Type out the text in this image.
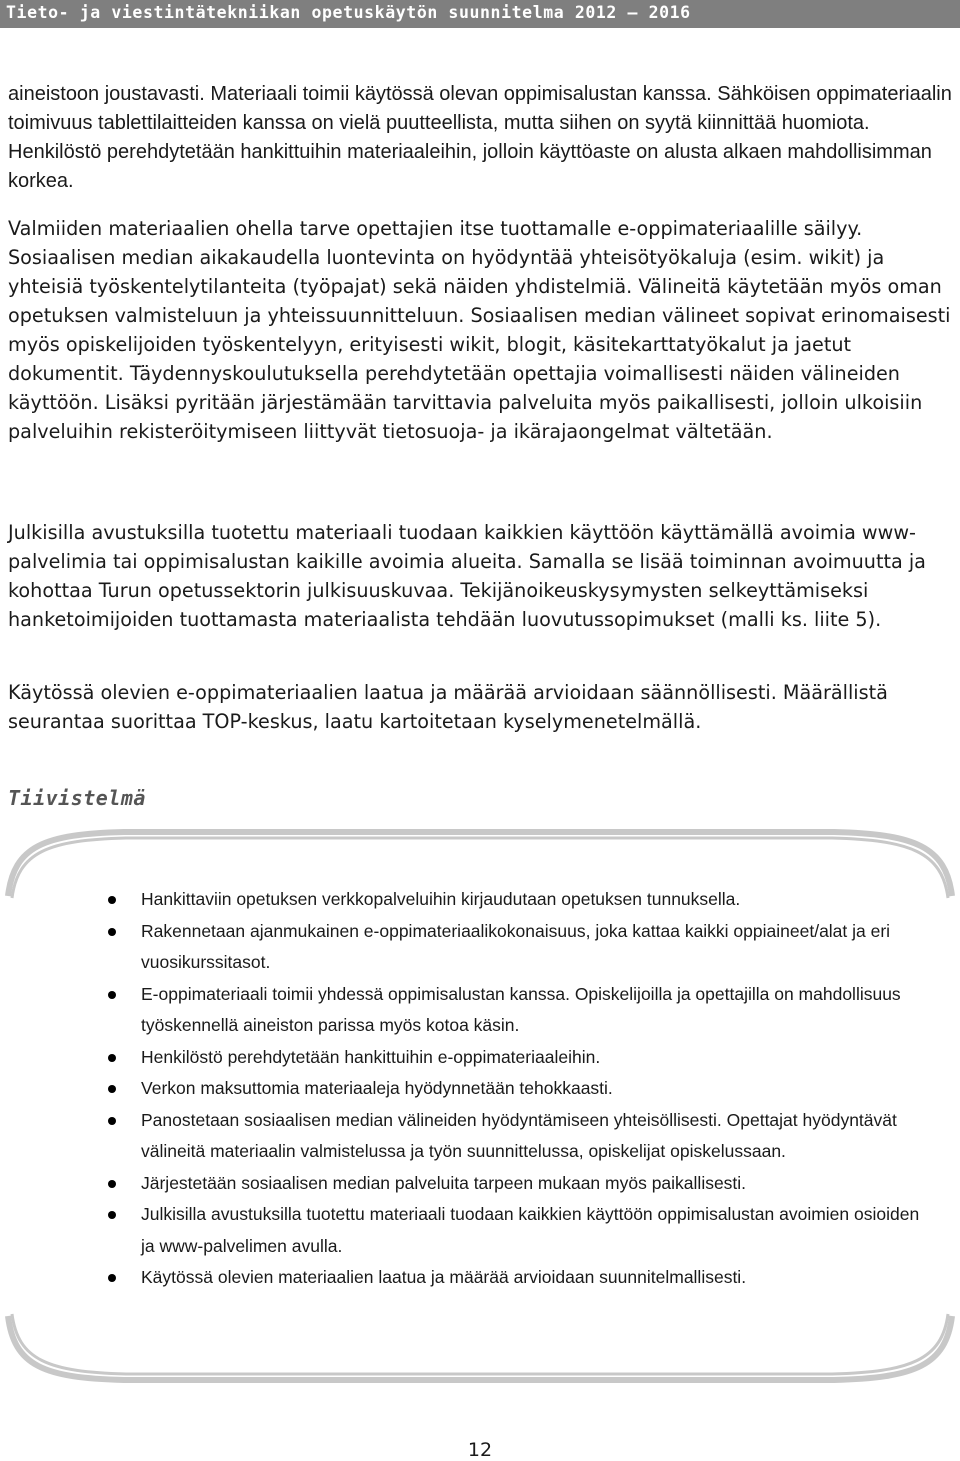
Tieto- ja viestintätekniikan opetuskäytön suunnitelma 2012 – 2016

aineistoon joustavasti. Materiaali toimii käytössä olevan oppimisalustan kanssa. Sähköisen oppimateriaalin toimivuus tablettilaitteiden kanssa on vielä puutteellista, mutta siihen on syytä kiinnittää huomiota. Henkilöstö perehdytetään hankittuihin materiaaleihin, jolloin käyttöaste on alusta alkaen mahdollisimman korkea.

Valmiiden materiaalien ohella tarve opettajien itse tuottamalle e-oppimateriaalille säilyy. Sosiaalisen median aikakaudella luontevinta on hyödyntää yhteisötyökaluja (esim. wikit) ja yhteisiä työskentelytilanteita (työpajat) sekä näiden yhdistelmiä. Välineitä käytetään myös oman opetuksen valmisteluun ja yhteissuunnitteluun. Sosiaalisen median välineet sopivat erinomaisesti myös opiskelijoiden työskentelyyn, erityisesti wikit, blogit, käsitekarttatyökalut ja jaetut dokumentit. Täydennyskoulutuksella perehdytetään opettajia voimallisesti näiden välineiden käyttöön. Lisäksi pyritään järjestämään tarvittavia palveluita myös paikallisesti, jolloin ulkoisiin palveluihin rekisteröitymiseen liittyvät tietosuoja- ja ikärajaongelmat vältetään.

Julkisilla avustuksilla tuotettu materiaali tuodaan kaikkien käyttöön käyttämällä avoimia www-palvelimia tai oppimisalustan kaikille avoimia alueita. Samalla se lisää toiminnan avoimuutta ja kohottaa Turun opetussektorin julkisuuskuvaa. Tekijänoikeuskysymysten selkeyttämiseksi hanketoimijoiden tuottamasta materiaalista tehdään luovutussopimukset (malli ks. liite 5).

Käytössä olevien e-oppimateriaalien laatua ja määrää arvioidaan säännöllisesti. Määrällistä seurantaa suorittaa TOP-keskus, laatu kartoitetaan kyselymenetelmällä.

Tiivistelmä
Hankittaviin opetuksen verkkopalveluihin kirjaudutaan opetuksen tunnuksella.
Rakennetaan ajanmukainen e-oppimateriaalikokonaisuus, joka kattaa kaikki oppiaineet/alat ja eri vuosikurssitasot.
E-oppimateriaali toimii yhdessä oppimisalustan kanssa. Opiskelijoilla ja opettajilla on mahdollisuus työskennellä aineiston parissa myös kotoa käsin.
Henkilöstö perehdytetään hankittuihin e-oppimateriaaleihin.
Verkon maksuttomia materiaaleja hyödynnetään tehokkaasti.
Panostetaan sosiaalisen median välineiden hyödyntämiseen yhteisöllisesti. Opettajat hyödyntävät välineitä materiaalin valmistelussa ja työn suunnittelussa, opiskelijat opiskelussaan.
Järjestetään sosiaalisen median palveluita tarpeen mukaan myös paikallisesti.
Julkisilla avustuksilla tuotettu materiaali tuodaan kaikkien käyttöön oppimisalustan avoimien osioiden ja www-palvelimen avulla.
Käytössä olevien materiaalien laatua ja määrää arvioidaan suunnitelmallisesti.
12
